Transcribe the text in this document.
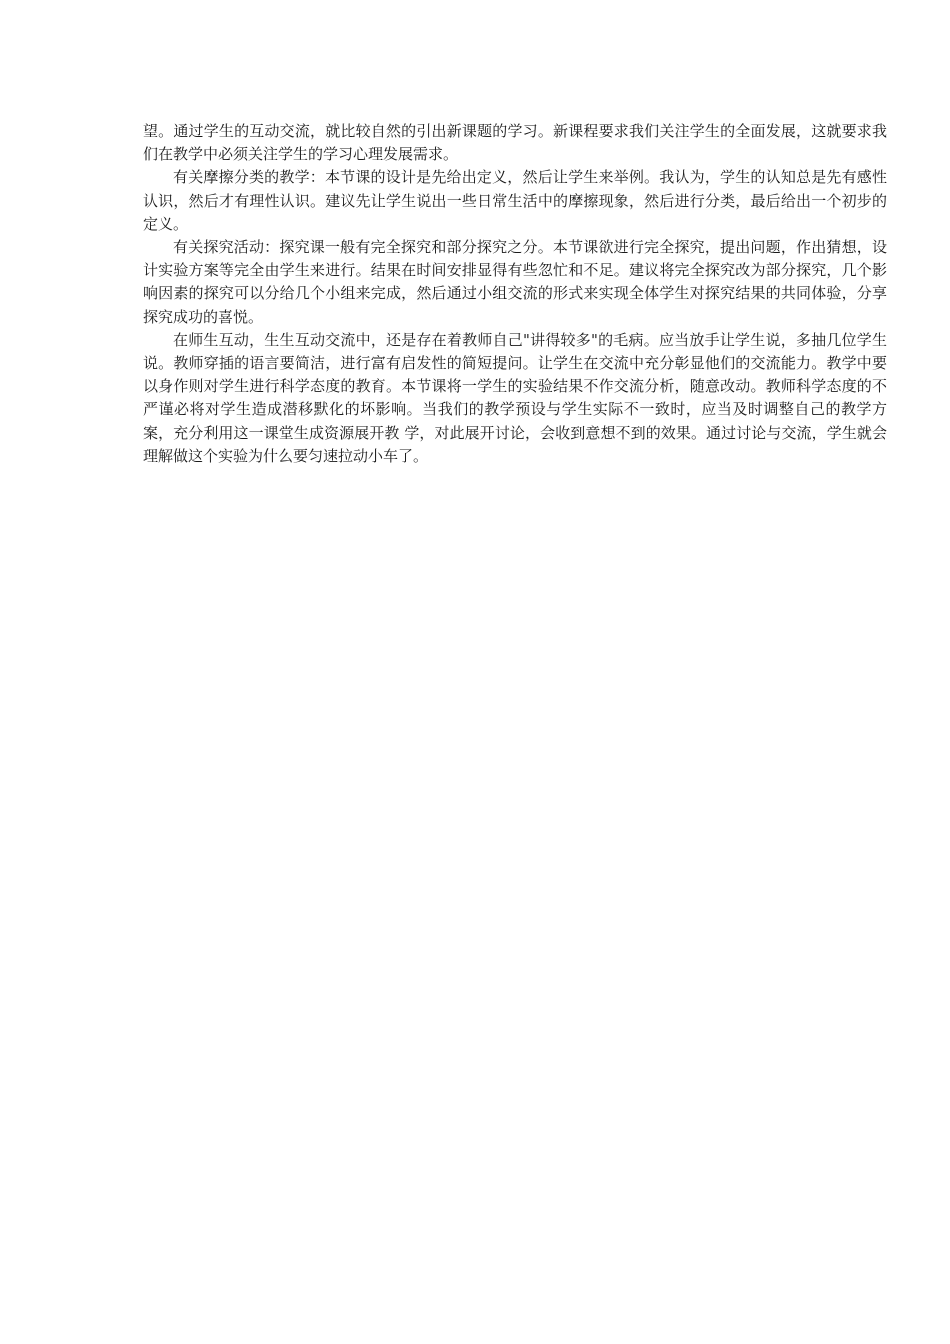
望。通过学生的互动交流，就比较自然的引出新课题的学习。新课程要求我们关注学生的全面发展，这就要求我们在教学中必须关注学生的学习心理发展需求。

有关摩擦分类的教学：本节课的设计是先给出定义，然后让学生来举例。我认为，学生的认知总是先有感性认识，然后才有理性认识。建议先让学生说出一些日常生活中的摩擦现象，然后进行分类，最后给出一个初步的定义。

有关探究活动：探究课一般有完全探究和部分探究之分。本节课欲进行完全探究，提出问题，作出猜想，设计实验方案等完全由学生来进行。结果在时间安排显得有些忽忙和不足。建议将完全探究改为部分探究，几个影响因素的探究可以分给几个小组来完成，然后通过小组交流的形式来实现全体学生对探究结果的共同体验，分享探究成功的喜悦。

在师生互动，生生互动交流中，还是存在着教师自己"讲得较多"的毛病。应当放手让学生说，多抽几位学生说。教师穿插的语言要简洁，进行富有启发性的简短提问。让学生在交流中充分彰显他们的交流能力。教学中要以身作则对学生进行科学态度的教育。本节课将一学生的实验结果不作交流分析，随意改动。教师科学态度的不严谨必将对学生造成潜移默化的坏影响。当我们的教学预设与学生实际不一致时，应当及时调整自己的教学方案，充分利用这一课堂生成资源展开教 学，对此展开讨论，会收到意想不到的效果。通过讨论与交流，学生就会理解做这个实验为什么要匀速拉动小车了。
